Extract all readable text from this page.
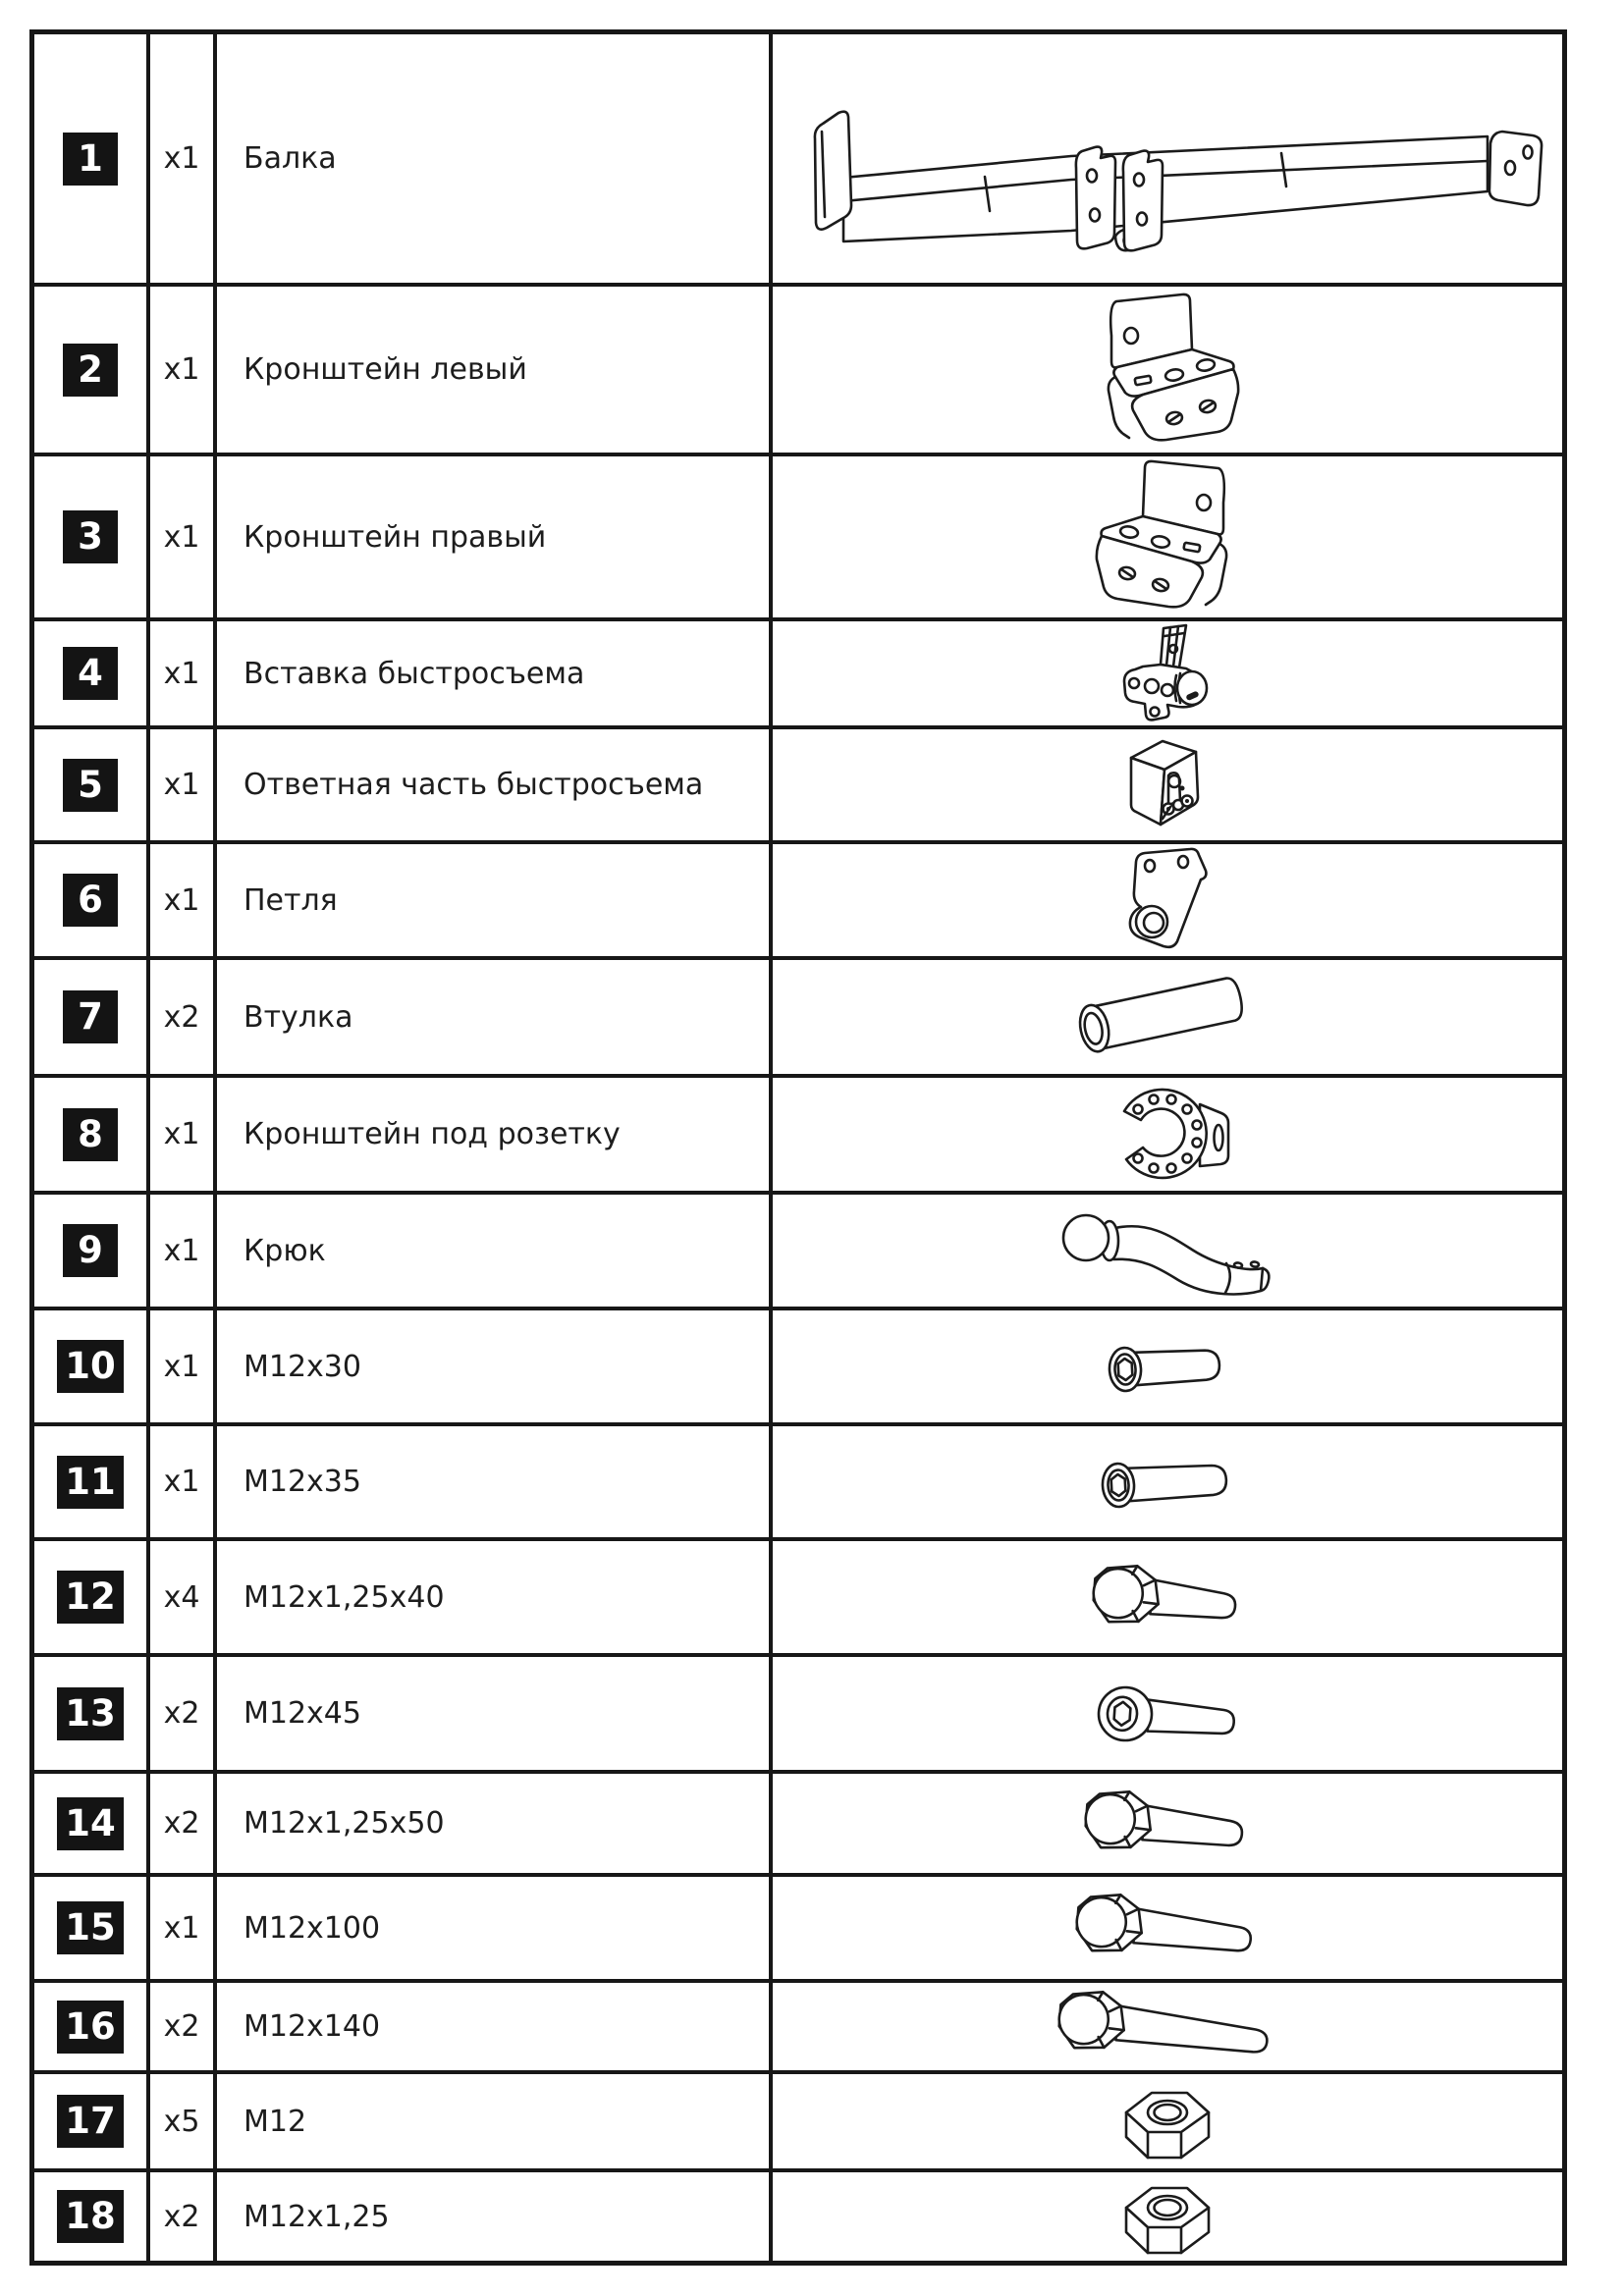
1	x1	Балка
2	x1	Кронштейн левый
3	x1	Кронштейн правый
4	x1	Вставка быстросъема
5	x1	Ответная часть быстросъема
6	x1	Петля
7	x2	Втулка
8	x1	Кронштейн под розетку
9	x1	Крюк
10	x1	М12х30
11	x1	М12х35
12	x4	М12х1,25х40
13	x2	М12х45
14	x2	М12х1,25х50
15	x1	М12х100
16	x2	М12х140
17	x5	М12
18	x2	М12х1,25
